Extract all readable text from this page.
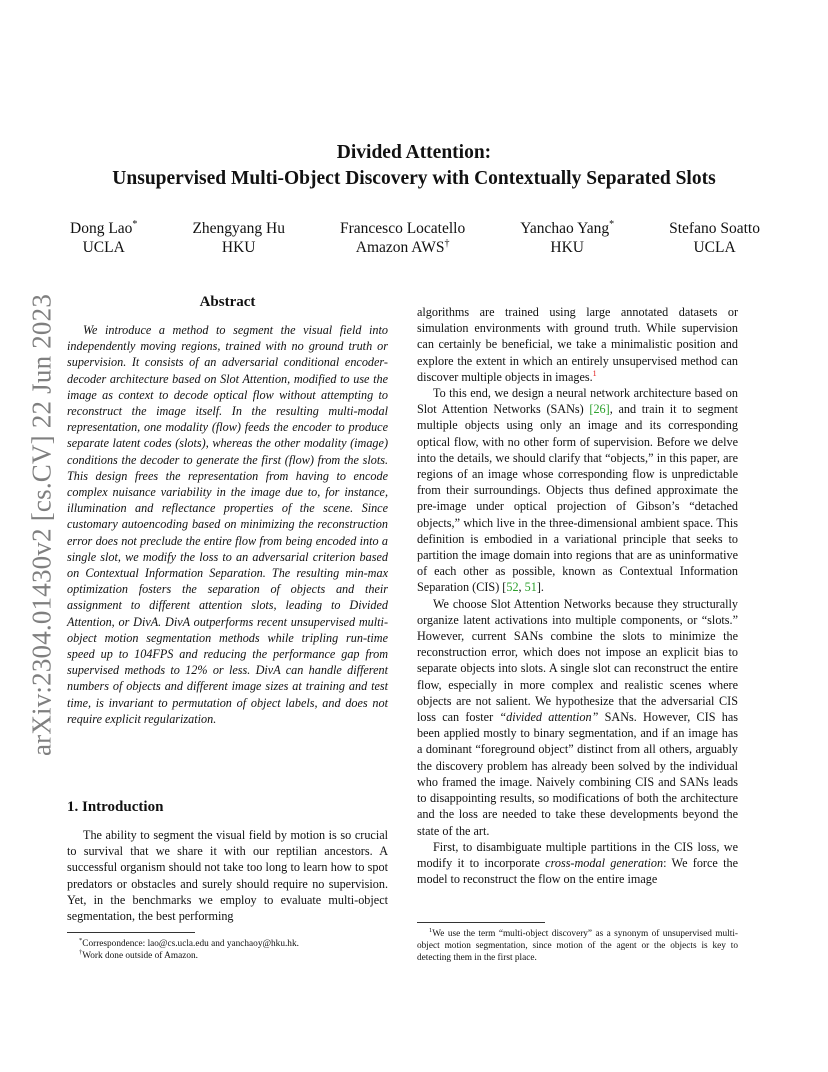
arXiv:2304.01430v2 [cs.CV] 22 Jun 2023
Divided Attention:
Unsupervised Multi-Object Discovery with Contextually Separated Slots
Dong Lao*
UCLA
Zhengyang Hu
HKU
Francesco Locatello
Amazon AWS†
Yanchao Yang*
HKU
Stefano Soatto
UCLA
Abstract

We introduce a method to segment the visual field into independently moving regions, trained with no ground truth or supervision. It consists of an adversarial conditional encoder-decoder architecture based on Slot Attention, modified to use the image as context to decode optical flow without attempting to reconstruct the image itself. In the resulting multi-modal representation, one modality (flow) feeds the encoder to produce separate latent codes (slots), whereas the other modality (image) conditions the decoder to generate the first (flow) from the slots. This design frees the representation from having to encode complex nuisance variability in the image due to, for instance, illumination and reflectance properties of the scene. Since customary autoencoding based on minimizing the reconstruction error does not preclude the entire flow from being encoded into a single slot, we modify the loss to an adversarial criterion based on Contextual Information Separation. The resulting min-max optimization fosters the separation of objects and their assignment to different attention slots, leading to Divided Attention, or DivA. DivA outperforms recent unsupervised multi-object motion segmentation methods while tripling run-time speed up to 104FPS and reducing the performance gap from supervised methods to 12% or less. DivA can handle different numbers of objects and different image sizes at training and test time, is invariant to permutation of object labels, and does not require explicit regularization.

1. Introduction

The ability to segment the visual field by motion is so crucial to survival that we share it with our reptilian ancestors. A successful organism should not take too long to learn how to spot predators or obstacles and surely should require no supervision. Yet, in the benchmarks we employ to evaluate multi-object segmentation, the best performing

algorithms are trained using large annotated datasets or simulation environments with ground truth. While supervision can certainly be beneficial, we take a minimalistic position and explore the extent in which an entirely unsupervised method can discover multiple objects in images.$^1$

To this end, we design a neural network architecture based on Slot Attention Networks (SANs) [26], and train it to segment multiple objects using only an image and its corresponding optical flow, with no other form of supervision. Before we delve into the details, we should clarify that “objects,” in this paper, are regions of an image whose corresponding flow is unpredictable from their surroundings. Objects thus defined approximate the pre-image under optical projection of Gibson’s “detached objects,” which live in the three-dimensional ambient space. This definition is embodied in a variational principle that seeks to partition the image domain into regions that are as uninformative of each other as possible, known as Contextual Information Separation (CIS) [52, 51].

We choose Slot Attention Networks because they structurally organize latent activations into multiple components, or “slots.” However, current SANs combine the slots to minimize the reconstruction error, which does not impose an explicit bias to separate objects into slots. A single slot can reconstruct the entire flow, especially in more complex and realistic scenes where objects are not salient. We hypothesize that the adversarial CIS loss can foster “divided attention” SANs. However, CIS has been applied mostly to binary segmentation, and if an image has a dominant “foreground object” distinct from all others, arguably the discovery problem has already been solved by the individual who framed the image. Naively combining CIS and SANs leads to disappointing results, so modifications of both the architecture and the loss are needed to take these developments beyond the state of the art.

First, to disambiguate multiple partitions in the CIS loss, we modify it to incorporate cross-modal generation: We force the model to reconstruct the flow on the entire image

*Correspondence: lao@cs.ucla.edu and yanchaoy@hku.hk.

†Work done outside of Amazon.

$^1$We use the term “multi-object discovery” as a synonym of unsupervised multi-object motion segmentation, since motion of the agent or the objects is key to detecting them in the first place.
